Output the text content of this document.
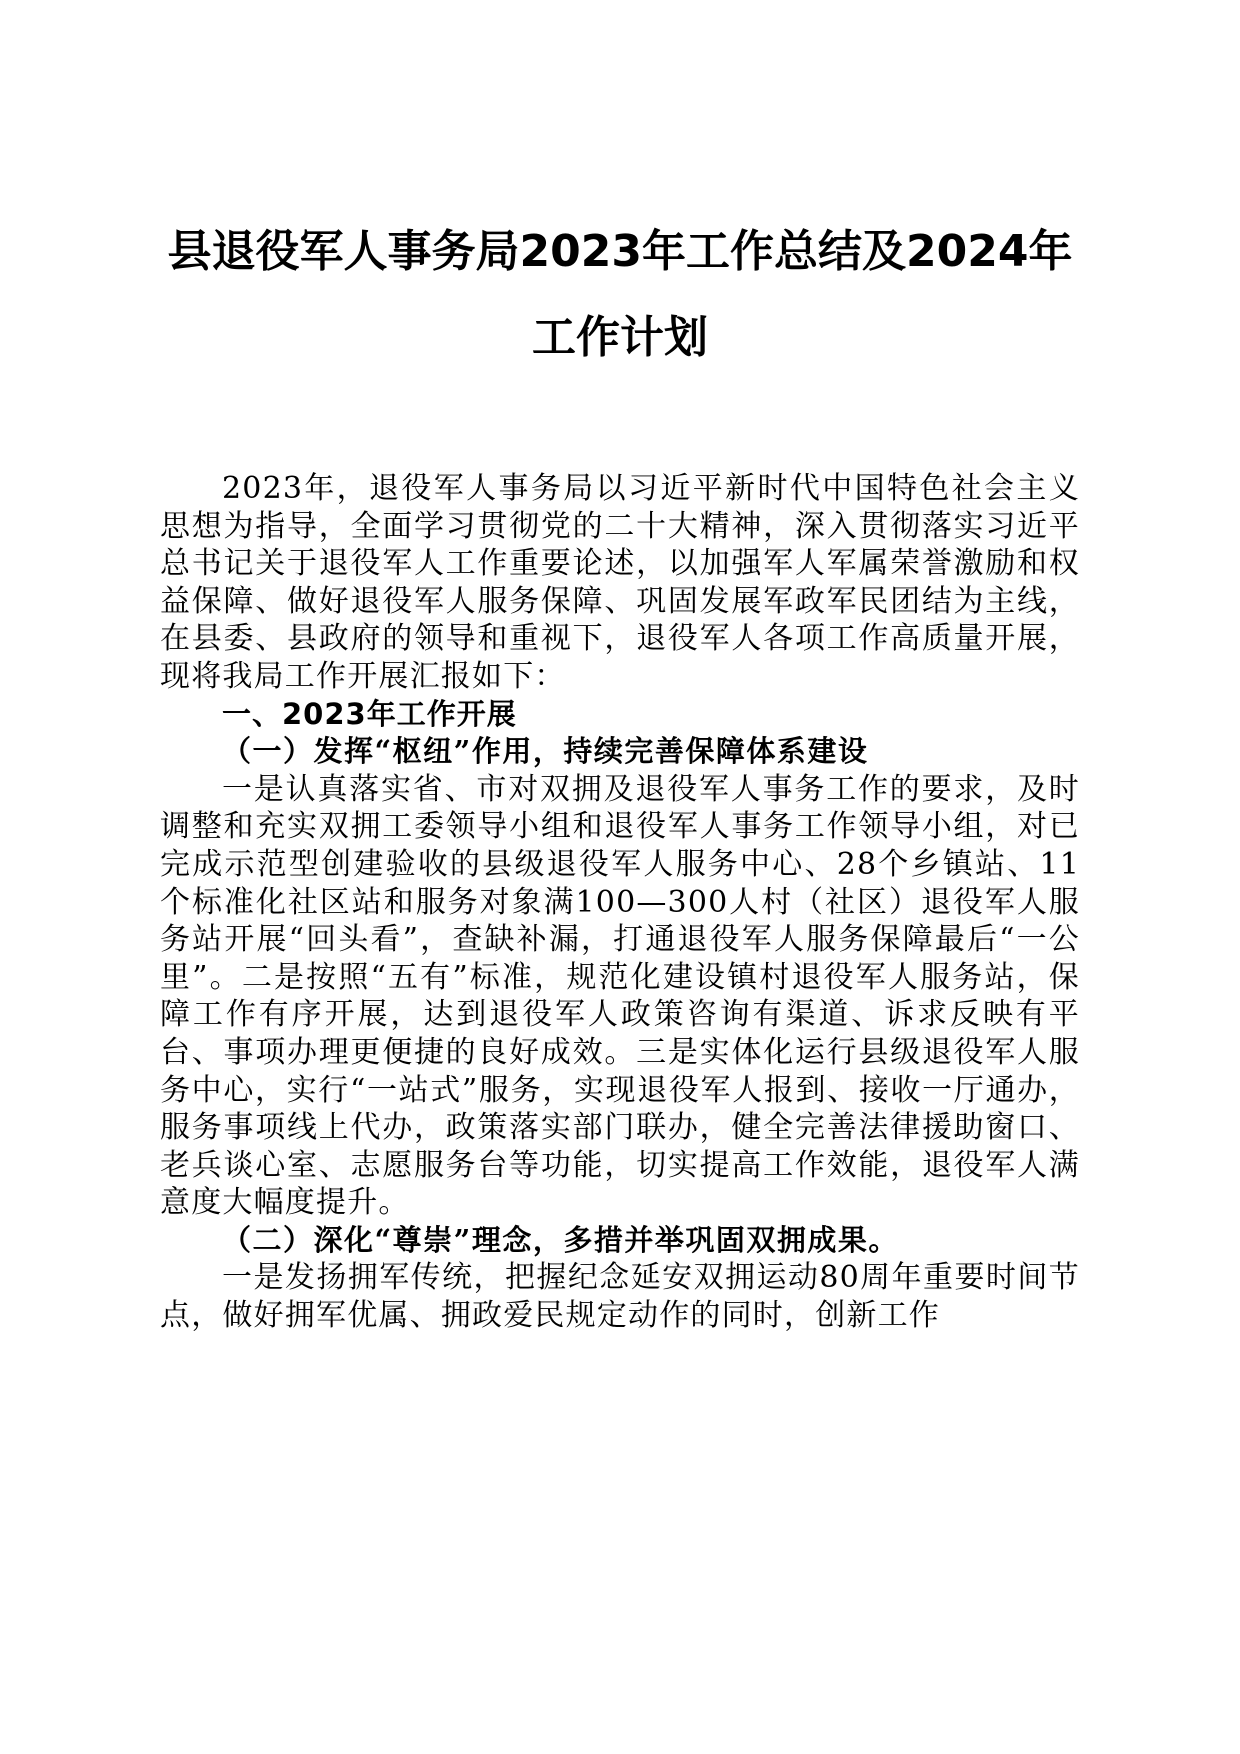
县退役军人事务局2023年工作总结及2024年
工作计划

2023年，退役军人事务局以习近平新时代中国特色社会主义思想为指导，全面学习贯彻党的二十大精神，深入贯彻落实习近平总书记关于退役军人工作重要论述，以加强军人军属荣誉激励和权益保障、做好退役军人服务保障、巩固发展军政军民团结为主线，在县委、县政府的领导和重视下，退役军人各项工作高质量开展，现将我局工作开展汇报如下：

一、2023年工作开展

（一）发挥“枢纽”作用，持续完善保障体系建设

一是认真落实省、市对双拥及退役军人事务工作的要求，及时调整和充实双拥工委领导小组和退役军人事务工作领导小组，对已完成示范型创建验收的县级退役军人服务中心、28个乡镇站、11个标准化社区站和服务对象满100—300人村（社区）退役军人服务站开展“回头看”，查缺补漏，打通退役军人服务保障最后“一公里”。二是按照“五有”标准，规范化建设镇村退役军人服务站，保障工作有序开展，达到退役军人政策咨询有渠道、诉求反映有平台、事项办理更便捷的良好成效。三是实体化运行县级退役军人服务中心，实行“一站式”服务，实现退役军人报到、接收一厅通办，服务事项线上代办，政策落实部门联办，健全完善法律援助窗口、老兵谈心室、志愿服务台等功能，切实提高工作效能，退役军人满意度大幅度提升。

（二）深化“尊崇”理念，多措并举巩固双拥成果。

一是发扬拥军传统，把握纪念延安双拥运动80周年重要时间节点，做好拥军优属、拥政爱民规定动作的同时，创新工作
